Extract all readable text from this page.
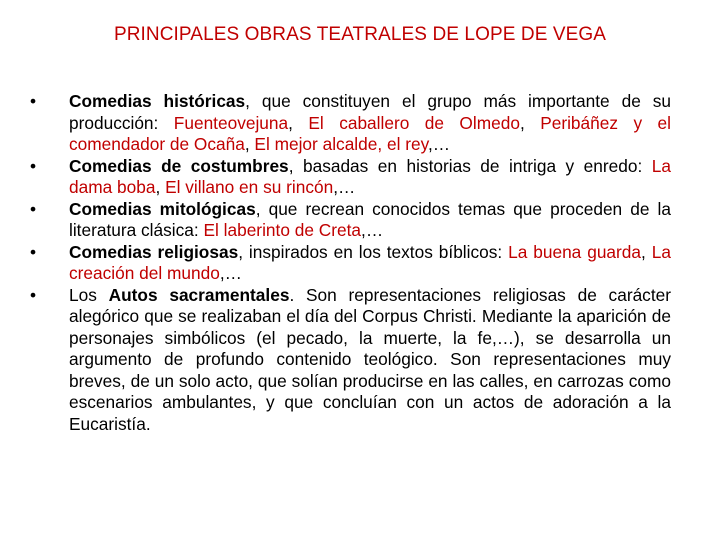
PRINCIPALES OBRAS TEATRALES DE LOPE DE VEGA
• Comedias históricas, que constituyen el grupo más importante de su producción: Fuenteovejuna, El caballero de Olmedo, Peribáñez y el comendador de Ocaña, El mejor alcalde, el rey,…
• Comedias de costumbres, basadas en historias de intriga y enredo: La dama boba, El villano en su rincón,…
• Comedias mitológicas, que recrean conocidos temas que proceden de la literatura clásica: El laberinto de Creta,…
• Comedias religiosas, inspirados en los textos bíblicos: La buena guarda, La creación del mundo,…
• Los Autos sacramentales. Son representaciones religiosas de carácter alegórico que se realizaban el día del Corpus Christi. Mediante la aparición de personajes simbólicos (el pecado, la muerte, la fe,…), se desarrolla un argumento de profundo contenido teológico. Son representaciones muy breves, de un solo acto, que solían producirse en las calles, en carrozas como escenarios ambulantes, y que concluían con un actos de adoración a la Eucaristía.
